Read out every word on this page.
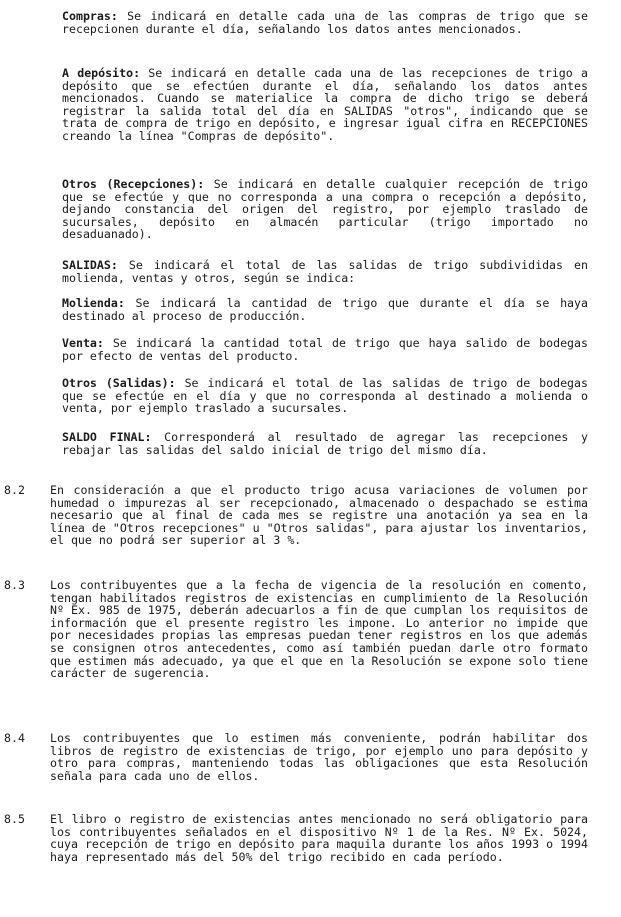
Compras: Se indicará en detalle cada una de las compras de trigo que se recepcionen durante el día, señalando los datos antes mencionados.

A depósito: Se indicará en detalle cada una de las recepciones de trigo a depósito que se efectúen durante el día, señalando los datos antes mencionados. Cuando se materialice la compra de dicho trigo se deberá registrar la salida total del día en SALIDAS "otros", indicando que se trata de compra de trigo en depósito, e ingresar igual cifra en RECEPCIONES creando la línea "Compras de depósito".

Otros (Recepciones): Se indicará en detalle cualquier recepción de trigo que se efectúe y que no corresponda a una compra o recepción a depósito, dejando constancia del origen del registro, por ejemplo traslado de sucursales, depósito en almacén particular (trigo importado no desaduanado).

SALIDAS: Se indicará el total de las salidas de trigo subdivididas en molienda, ventas y otros, según se indica:

Molienda: Se indicará la cantidad de trigo que durante el día se haya destinado al proceso de producción.

Venta: Se indicará la cantidad total de trigo que haya salido de bodegas por efecto de ventas del producto.

Otros (Salidas): Se indicará el total de las salidas de trigo de bodegas que se efectúe en el día y que no corresponda al destinado a molienda o venta, por ejemplo traslado a sucursales.

SALDO FINAL: Corresponderá al resultado de agregar las recepciones y rebajar las salidas del saldo inicial de trigo del mismo día.

8.2 En consideración a que el producto trigo acusa variaciones de volumen por humedad o impurezas al ser recepcionado, almacenado o despachado se estima necesario que al final de cada mes se registre una anotación ya sea en la línea de "Otros recepciones" u "Otros salidas", para ajustar los inventarios, el que no podrá ser superior al 3 %.

8.3 Los contribuyentes que a la fecha de vigencia de la resolución en comento, tengan habilitados registros de existencias en cumplimiento de la Resolución Nº Ex. 985 de 1975, deberán adecuarlos a fin de que cumplan los requisitos de información que el presente registro les impone. Lo anterior no impide que por necesidades propias las empresas puedan tener registros en los que además se consignen otros antecedentes, como así también puedan darle otro formato que estimen más adecuado, ya que el que en la Resolución se expone solo tiene carácter de sugerencia.

8.4 Los contribuyentes que lo estimen más conveniente, podrán habilitar dos libros de registro de existencias de trigo, por ejemplo uno para depósito y otro para compras, manteniendo todas las obligaciones que esta Resolución señala para cada uno de ellos.

8.5 El libro o registro de existencias antes mencionado no será obligatorio para los contribuyentes señalados en el dispositivo Nº 1 de la Res. Nº Ex. 5024, cuya recepción de trigo en depósito para maquila durante los años 1993 o 1994 haya representado más del 50% del trigo recibido en cada período.
